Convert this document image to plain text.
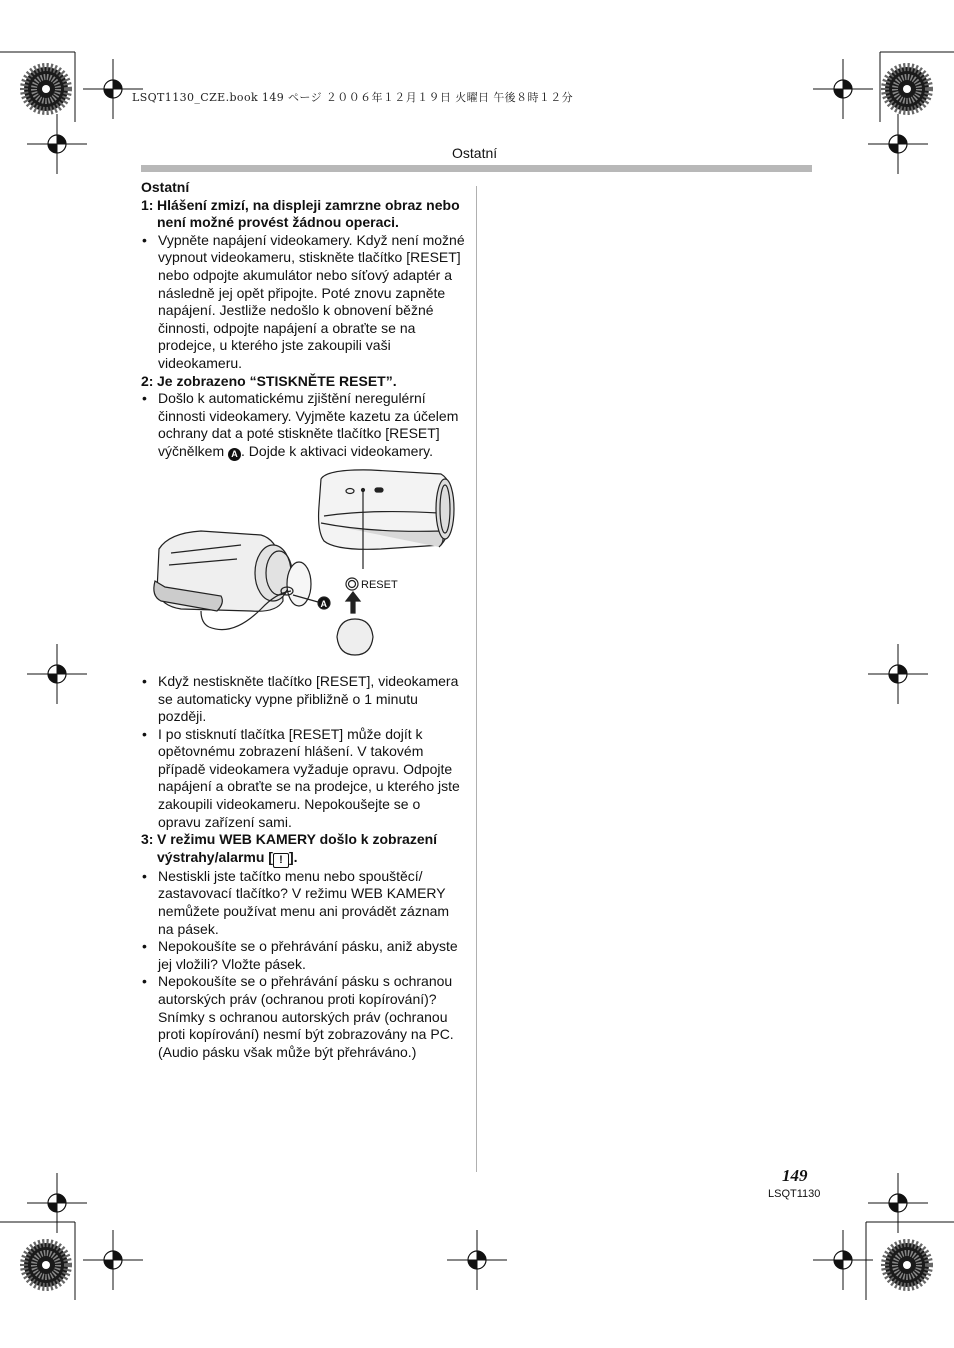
LSQT1130_CZE.book 149 ページ ２００６年１２月１９日 火曜日 午後８時１２分
Ostatní

Ostatní

1: Hlášení zmizí, na displeji zamrzne obraz nebo není možné provést žádnou operaci.
• Vypněte napájení videokamery. Když není možné vypnout videokameru, stiskněte tlačítko [RESET] nebo odpojte akumulátor nebo síťový adaptér a následně jej opět připojte. Poté znovu zapněte napájení. Jestliže nedošlo k obnovení běžné činnosti, odpojte napájení a obraťte se na prodejce, u kterého jste zakoupili vaši videokameru.
2: Je zobrazeno “STISKNĚTE RESET”.
• Došlo k automatickému zjištění neregulérní činnosti videokamery. Vyjměte kazetu za účelem ochrany dat a poté stiskněte tlačítko [RESET] výčnělkem A . Dojde k aktivaci videokamery.
RESET
A
• Když nestiskněte tlačítko [RESET], videokamera se automaticky vypne přibližně o 1 minutu později.
• I po stisknutí tlačítka [RESET] může dojít k opětovnému zobrazení hlášení. V takovém případě videokamera vyžaduje opravu. Odpojte napájení a obraťte se na prodejce, u kterého jste zakoupili videokameru. Nepokoušejte se o opravu zařízení sami.
3: V režimu WEB KAMERY došlo k zobrazení výstrahy/alarmu [ ! ].
• Nestiskli jste tačítko menu nebo spouštěcí/ zastavovací tlačítko? V režimu WEB KAMERY nemůžete používat menu ani provádět záznam na pásek.
• Nepokoušíte se o přehrávání pásku, aniž abyste jej vložili? Vložte pásek.
• Nepokoušíte se o přehrávání pásku s ochranou autorských práv (ochranou proti kopírování)? Snímky s ochranou autorských práv (ochranou proti kopírování) nesmí být zobrazovány na PC. (Audio pásku však může být přehráváno.)
149
LSQT1130
